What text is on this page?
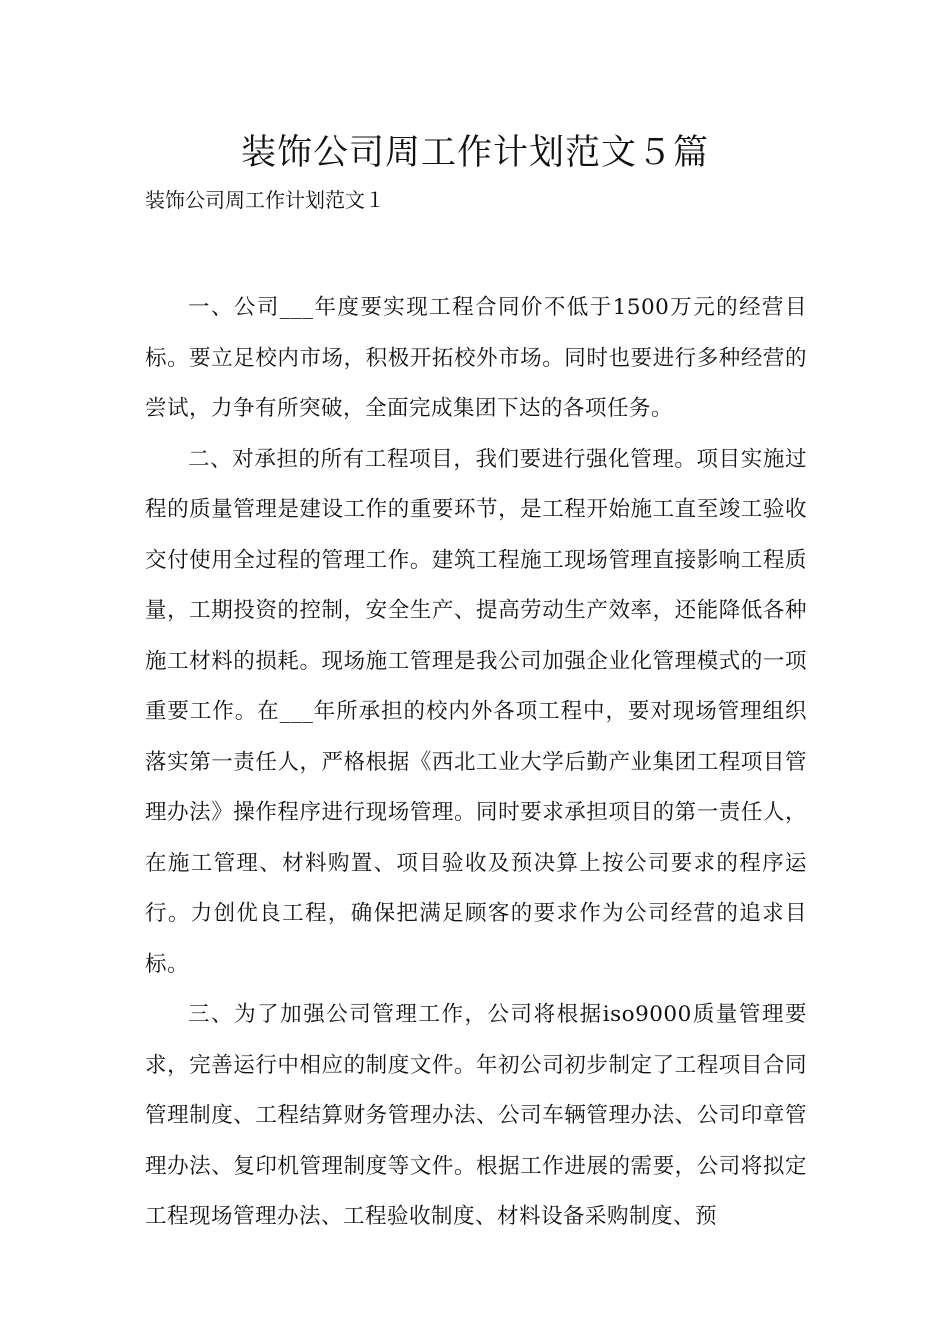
装饰公司周工作计划范文５篇
装饰公司周工作计划范文１

一、公司___年度要实现工程合同价不低于1500万元的经营目标。要立足校内市场，积极开拓校外市场。同时也要进行多种经营的尝试，力争有所突破，全面完成集团下达的各项任务。

二、对承担的所有工程项目，我们要进行强化管理。项目实施过程的质量管理是建设工作的重要环节，是工程开始施工直至竣工验收交付使用全过程的管理工作。建筑工程施工现场管理直接影响工程质量，工期投资的控制，安全生产、提高劳动生产效率，还能降低各种施工材料的损耗。现场施工管理是我公司加强企业化管理模式的一项重要工作。在___年所承担的校内外各项工程中，要对现场管理组织落实第一责任人，严格根据《西北工业大学后勤产业集团工程项目管理办法》操作程序进行现场管理。同时要求承担项目的第一责任人，在施工管理、材料购置、项目验收及预决算上按公司要求的程序运行。力创优良工程，确保把满足顾客的要求作为公司经营的追求目标。

三、为了加强公司管理工作，公司将根据iso9000质量管理要求，完善运行中相应的制度文件。年初公司初步制定了工程项目合同管理制度、工程结算财务管理办法、公司车辆管理办法、公司印章管理办法、复印机管理制度等文件。根据工作进展的需要，公司将拟定工程现场管理办法、工程验收制度、材料设备采购制度、预
